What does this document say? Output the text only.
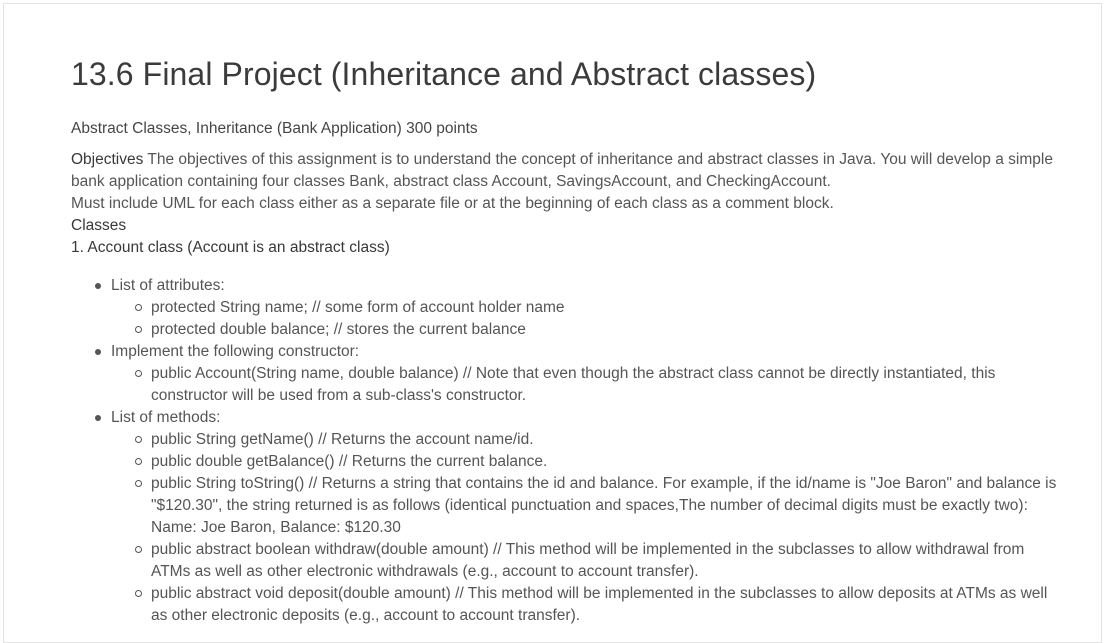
13.6 Final Project (Inheritance and Abstract classes)

Abstract Classes, Inheritance (Bank Application) 300 points

Objectives The objectives of this assignment is to understand the concept of inheritance and abstract classes in Java. You will develop a simple bank application containing four classes Bank, abstract class Account, SavingsAccount, and CheckingAccount.

Must include UML for each class either as a separate file or at the beginning of each class as a comment block.

Classes

1. Account class (Account is an abstract class)

List of attributes:
protected String name; // some form of account holder name
protected double balance; // stores the current balance
Implement the following constructor:
public Account(String name, double balance) // Note that even though the abstract class cannot be directly instantiated, this constructor will be used from a sub-class's constructor.
List of methods:
public String getName() // Returns the account name/id.
public double getBalance() // Returns the current balance.
public String toString() // Returns a string that contains the id and balance. For example, if the id/name is "Joe Baron" and balance is "$120.30", the string returned is as follows (identical punctuation and spaces,The number of decimal digits must be exactly two): Name: Joe Baron, Balance: $120.30
public abstract boolean withdraw(double amount) // This method will be implemented in the subclasses to allow withdrawal from ATMs as well as other electronic withdrawals (e.g., account to account transfer).
public abstract void deposit(double amount) // This method will be implemented in the subclasses to allow deposits at ATMs as well as other electronic deposits (e.g., account to account transfer).
